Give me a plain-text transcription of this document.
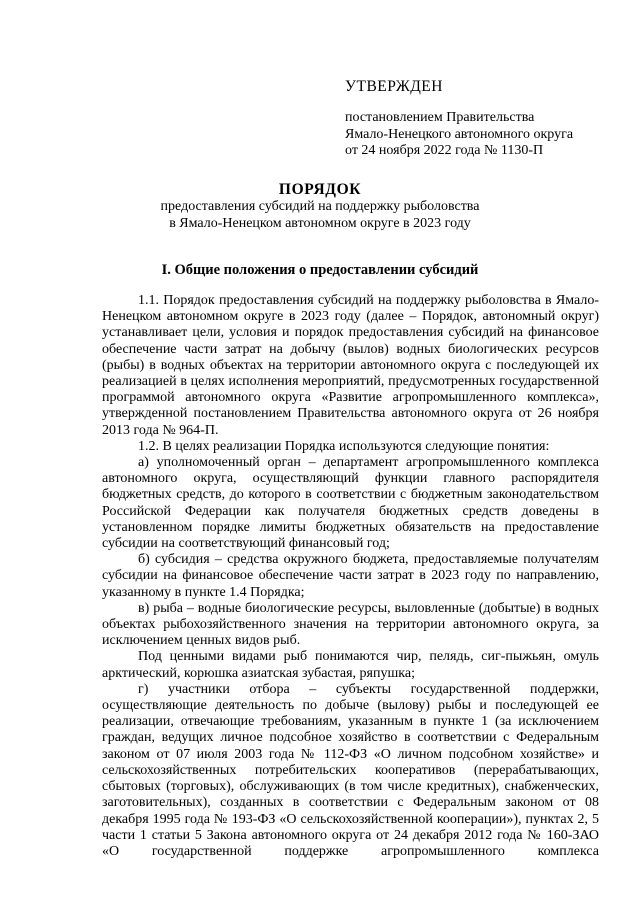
УТВЕРЖДЕН
постановлением Правительства
Ямало-Ненецкого автономного округа
от 24 ноября 2022 года № 1130-П
ПОРЯДОК
предоставления субсидий на поддержку рыболовства
в Ямало-Ненецком автономном округе в 2023 году
I. Общие положения о предоставлении субсидий

1.1. Порядок предоставления субсидий на поддержку рыболовства в Ямало-Ненецком автономном округе в 2023 году (далее – Порядок, автономный округ) устанавливает цели, условия и порядок предоставления субсидий на финансовое обеспечение части затрат на добычу (вылов) водных биологических ресурсов (рыбы) в водных объектах на территории автономного округа с последующей их реализацией в целях исполнения мероприятий, предусмотренных государственной программой автономного округа «Развитие агропромышленного комплекса», утвержденной постановлением Правительства автономного округа от 26 ноября 2013 года № 964-П.

1.2. В целях реализации Порядка используются следующие понятия:

а) уполномоченный орган – департамент агропромышленного комплекса автономного округа, осуществляющий функции главного распорядителя бюджетных средств, до которого в соответствии с бюджетным законодательством Российской Федерации как получателя бюджетных средств доведены в установленном порядке лимиты бюджетных обязательств на предоставление субсидии на соответствующий финансовый год;

б) субсидия – средства окружного бюджета, предоставляемые получателям субсидии на финансовое обеспечение части затрат в 2023 году по направлению, указанному в пункте 1.4 Порядка;

в) рыба – водные биологические ресурсы, выловленные (добытые) в водных объектах рыбохозяйственного значения на территории автономного округа, за исключением ценных видов рыб.

Под ценными видами рыб понимаются чир, пелядь, сиг-пыжьян, омуль арктический, корюшка азиатская зубастая, ряпушка;

г) участники отбора – субъекты государственной поддержки, осуществляющие деятельность по добыче (вылову) рыбы и последующей ее реализации, отвечающие требованиям, указанным в пункте 1 (за исключением граждан, ведущих личное подсобное хозяйство в соответствии с Федеральным законом от 07 июля 2003 года № 112-ФЗ «О личном подсобном хозяйстве» и сельскохозяйственных потребительских кооперативов (перерабатывающих, сбытовых (торговых), обслуживающих (в том числе кредитных), снабженческих, заготовительных), созданных в соответствии с Федеральным законом от 08 декабря 1995 года № 193-ФЗ «О сельскохозяйственной кооперации»), пунктах 2, 5 части 1 статьи 5 Закона автономного округа от 24 декабря 2012 года № 160-ЗАО «О государственной поддержке агропромышленного комплекса
